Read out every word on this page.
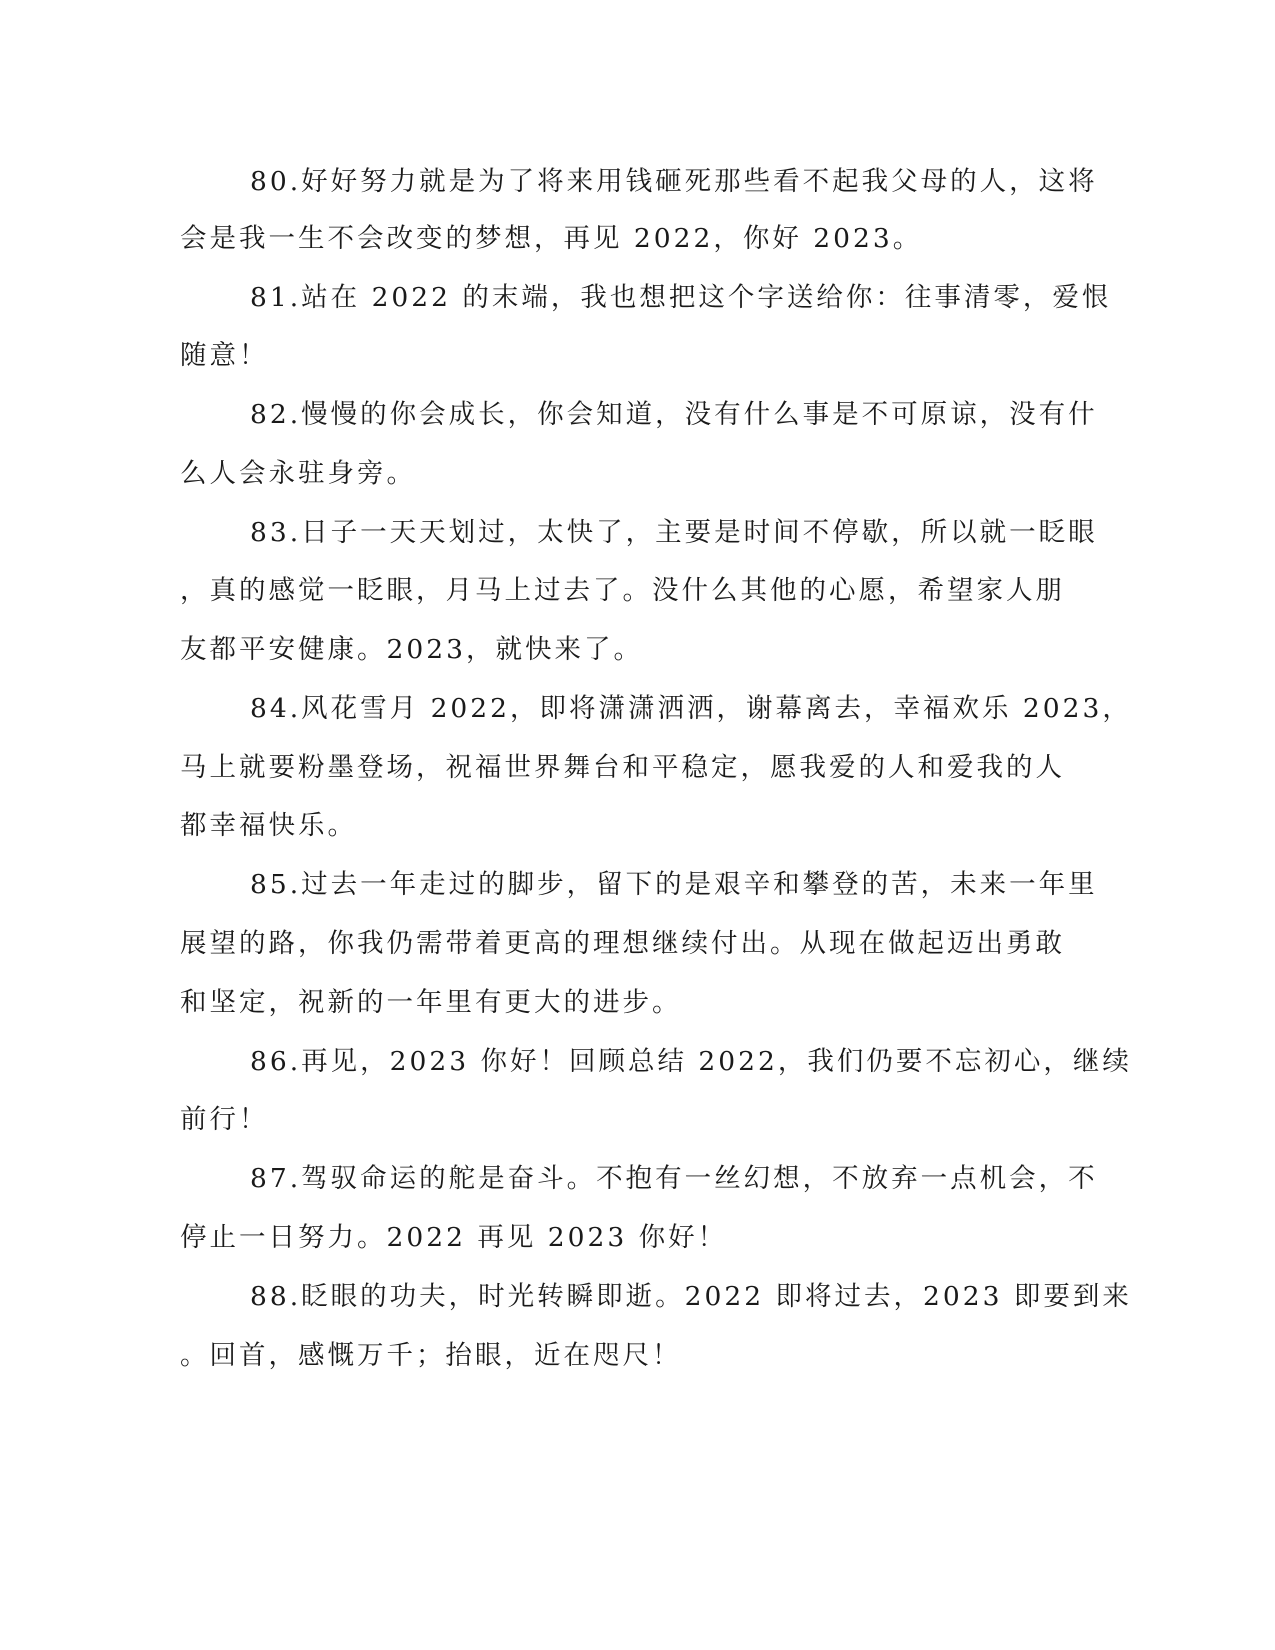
80.好好努力就是为了将来用钱砸死那些看不起我父母的人，这将
会是我一生不会改变的梦想，再见 2022，你好 2023。
81.站在 2022 的末端，我也想把这个字送给你：往事清零，爱恨
随意！
82.慢慢的你会成长，你会知道，没有什么事是不可原谅，没有什
么人会永驻身旁。
83.日子一天天划过，太快了，主要是时间不停歇，所以就一眨眼
，真的感觉一眨眼，月马上过去了。没什么其他的心愿，希望家人朋
友都平安健康。2023，就快来了。
84.风花雪月 2022，即将潇潇洒洒，谢幕离去，幸福欢乐 2023，
马上就要粉墨登场，祝福世界舞台和平稳定，愿我爱的人和爱我的人
都幸福快乐。
85.过去一年走过的脚步，留下的是艰辛和攀登的苦，未来一年里
展望的路，你我仍需带着更高的理想继续付出。从现在做起迈出勇敢
和坚定，祝新的一年里有更大的进步。
86.再见，2023 你好！回顾总结 2022，我们仍要不忘初心，继续
前行！
87.驾驭命运的舵是奋斗。不抱有一丝幻想，不放弃一点机会，不
停止一日努力。2022 再见 2023 你好！
88.眨眼的功夫，时光转瞬即逝。2022 即将过去，2023 即要到来
。回首，感慨万千；抬眼，近在咫尺！
